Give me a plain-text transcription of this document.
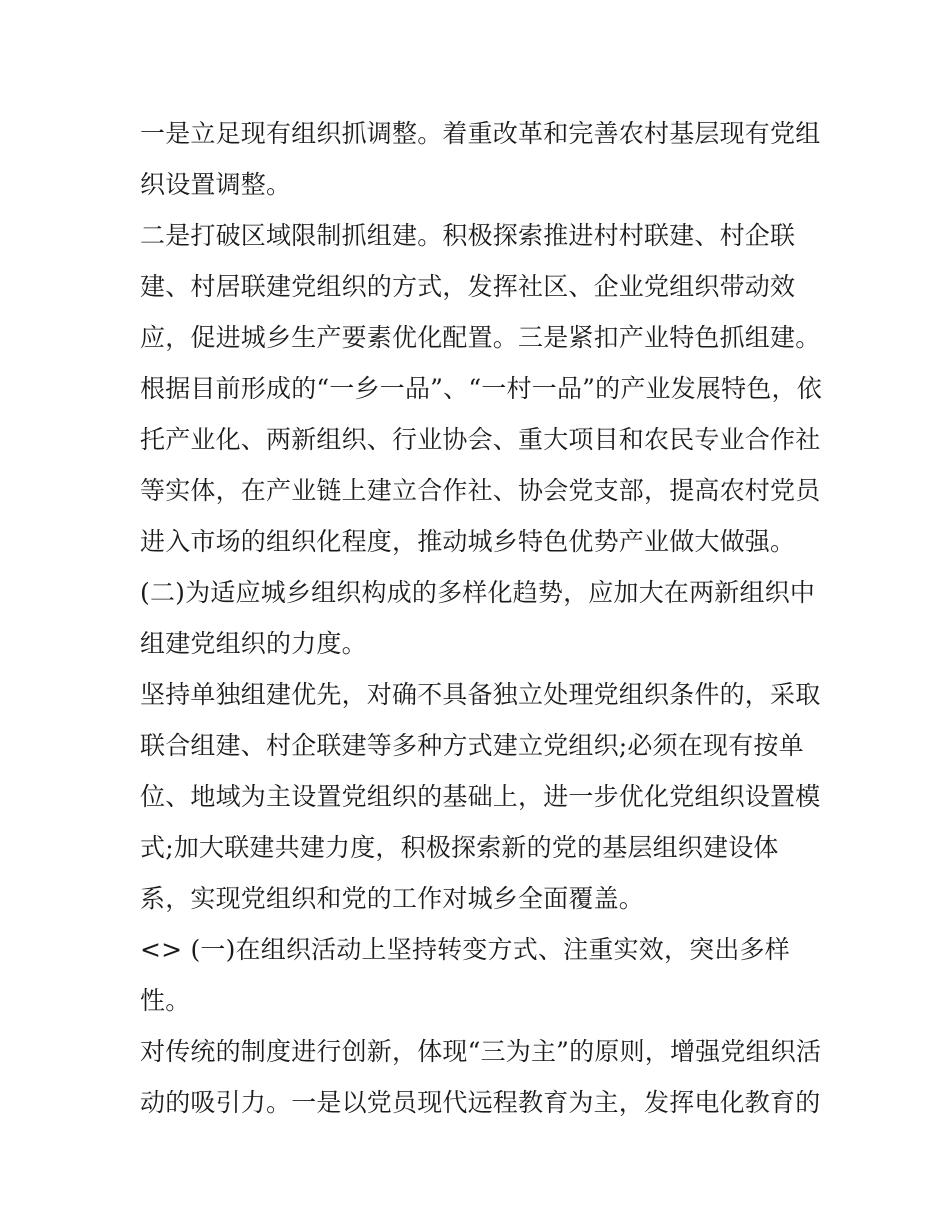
一是立足现有组织抓调整。着重改革和完善农村基层现有党组
织设置调整。
二是打破区域限制抓组建。积极探索推进村村联建、村企联
建、村居联建党组织的方式，发挥社区、企业党组织带动效
应，促进城乡生产要素优化配置。三是紧扣产业特色抓组建。
根据目前形成的“一乡一品”、“一村一品”的产业发展特色，依
托产业化、两新组织、行业协会、重大项目和农民专业合作社
等实体，在产业链上建立合作社、协会党支部，提高农村党员
进入市场的组织化程度，推动城乡特色优势产业做大做强。
(二)为适应城乡组织构成的多样化趋势，应加大在两新组织中
组建党组织的力度。
坚持单独组建优先，对确不具备独立处理党组织条件的，采取
联合组建、村企联建等多种方式建立党组织;必须在现有按单
位、地域为主设置党组织的基础上，进一步优化党组织设置模
式;加大联建共建力度，积极探索新的党的基层组织建设体
系，实现党组织和党的工作对城乡全面覆盖。
<> (一)在组织活动上坚持转变方式、注重实效，突出多样
性。
对传统的制度进行创新，体现“三为主”的原则，增强党组织活
动的吸引力。一是以党员现代远程教育为主，发挥电化教育的
